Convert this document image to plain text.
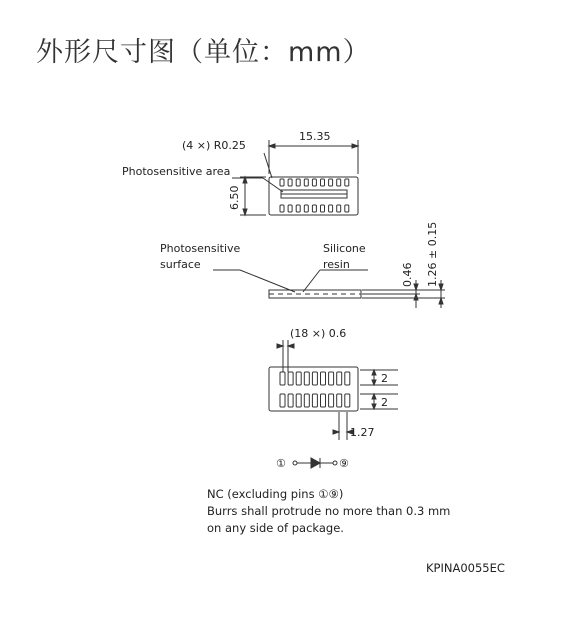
外形尺寸图（单位：mm）
(4 ×) R0.25
15.35
Photosensitive area
6.50
Photosensitive
surface
Silicone
resin	0.46 1.26 ± 0.15
(18 ×) 0.6
2
2
1.27
①	⑨
NC (excluding pins ①⑨)
Burrs shall protrude no more than 0.3 mm
on any side of package.
KPINA0055EC
